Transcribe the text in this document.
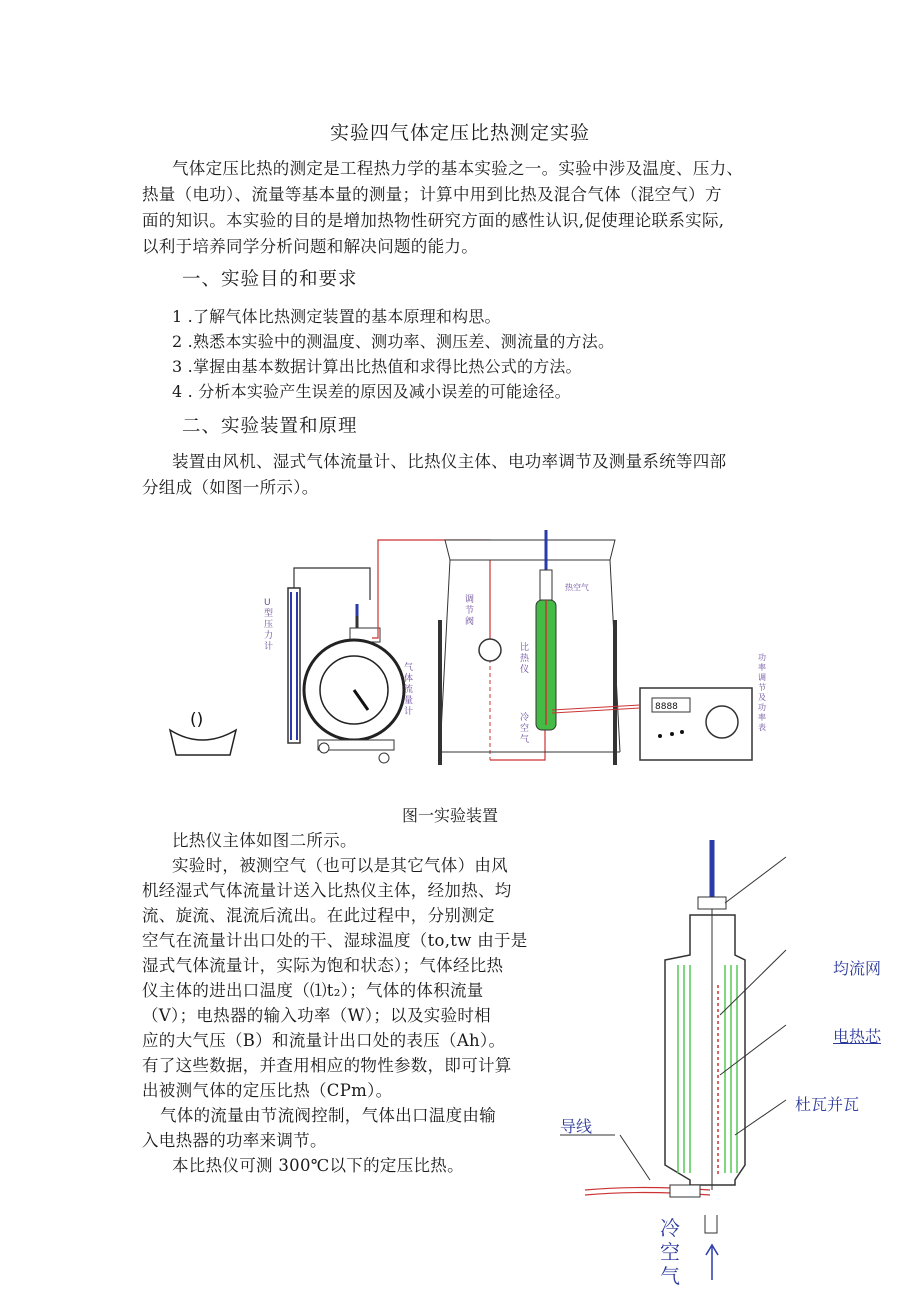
实验四气体定压比热测定实验
气体定压比热的测定是工程热力学的基本实验之一。实验中涉及温度、压力、
热量（电功）、流量等基本量的测量；计算中用到比热及混合气体（混空气）方
面的知识。本实验的目的是增加热物性研究方面的感性认识,促使理论联系实际,
以利于培养同学分析问题和解决问题的能力。
一、实验目的和要求
1 .了解气体比热测定装置的基本原理和构思。
2 .熟悉本实验中的测温度、测功率、测压差、测流量的方法。
3 .掌握由基本数据计算出比热值和求得比热公式的方法。
4 . 分析本实验产生误差的原因及减小误差的可能途径。
二、实验装置和原理
装置由风机、湿式气体流量计、比热仪主体、电功率调节及测量系统等四部
分组成（如图一所示）。
()
U 型压力计
气体流量计
调节阀
热空气
比热仪
冷空气
8888
功率调节及功率表
图一实验装置
比热仪主体如图二所示。
实验时，被测空气（也可以是其它气体）由风
机经湿式气体流量计送入比热仪主体，经加热、均
流、旋流、混流后流出。在此过程中，分别测定
空气在流量计出口处的干、湿球温度（to,tw 由于是
湿式气体流量计，实际为饱和状态）；气体经比热
仪主体的进出口温度（⑴t₂）；气体的体积流量
（V）；电热器的输入功率（W）；以及实验时相
应的大气压（B）和流量计出口处的表压（Ah）。
有了这些数据，并查用相应的物性参数，即可计算
出被测气体的定压比热（CPm）。
气体的流量由节流阀控制，气体出口温度由输
入电热器的功率来调节。
本比热仪可测 300℃以下的定压比热。
冷空气
均流网
电热芯
杜瓦并瓦
导线
